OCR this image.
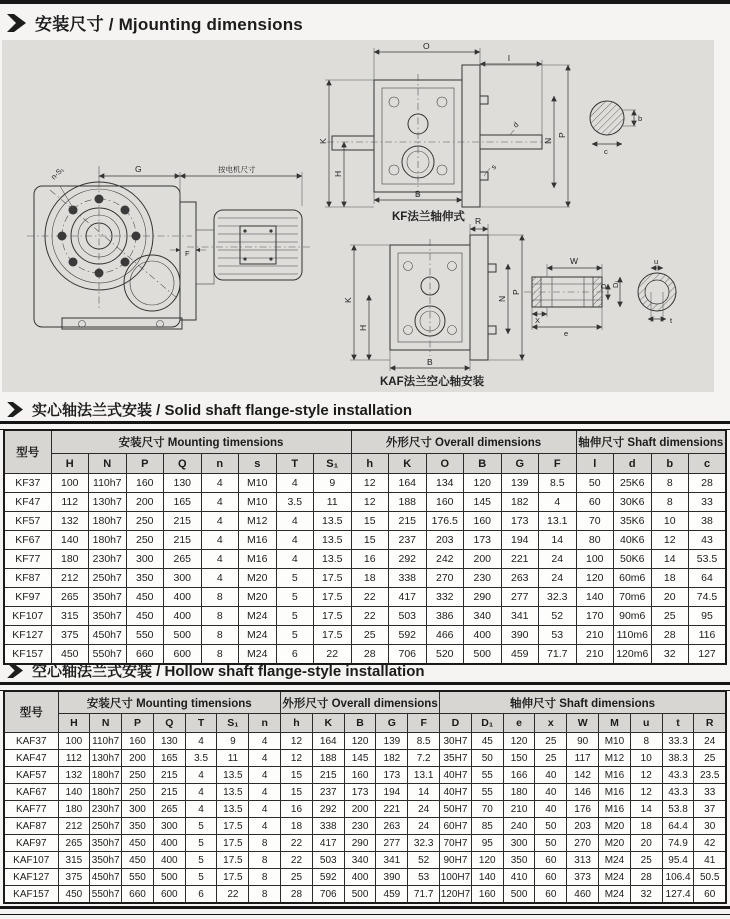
安装尺寸 / Mjounting dimensions
G	按电机尺寸
n-S₁
F
O
l
K
H
B
N
P
d
s
b
c
KF法兰轴伸式 R
K
H
N
P
B
KAF法兰空心轴安装
W
D D₁
X
e
u
t
实心轴法兰式安装 / Solid shaft flange-style installation
型号	安装尺寸 Mounting timensions								外形尺寸 Overall dimensions						轴伸尺寸 Shaft dimensions			
	H	N	P	Q	n	s	T	S₁	h	K	O	B	G	F	l	d	b	c
KF37	100	110h7	160	130	4	M10	4	9	12	164	134	120	139	8.5	50	25K6	8	28
KF47	112	130h7	200	165	4	M10	3.5	11	12	188	160	145	182	4	60	30K6	8	33
KF57	132	180h7	250	215	4	M12	4	13.5	15	215	176.5	160	173	13.1	70	35K6	10	38
KF67	140	180h7	250	215	4	M16	4	13.5	15	237	203	173	194	14	80	40K6	12	43
KF77	180	230h7	300	265	4	M16	4	13.5	16	292	242	200	221	24	100	50K6	14	53.5
KF87	212	250h7	350	300	4	M20	5	17.5	18	338	270	230	263	24	120	60m6	18	64
KF97	265	350h7	450	400	8	M20	5	17.5	22	417	332	290	277	32.3	140	70m6	20	74.5
KF107	315	350h7	450	400	8	M24	5	17.5	22	503	386	340	341	52	170	90m6	25	95
KF127	375	450h7	550	500	8	M24	5	17.5	25	592	466	400	390	53	210	110m6	28	116
KF157	450	550h7	660	600	8	M24	6	22	28	706	520	500	459	71.7	210	120m6	32	127
空心轴法兰式安装 / Hollow shaft flange-style installation
型号	安装尺寸 Mounting timensions							外形尺寸 Overall dimensions					轴伸尺寸 Shaft dimensions								
	H	N	P	Q	T	S₁	n	h	K	B	G	F	D	D₁	e	x	W	M	u	t	R
KAF37	100	110h7	160	130	4	9	4	12	164	120	139	8.5	30H7	45	120	25	90	M10	8	33.3	24
KAF47	112	130h7	200	165	3.5	11	4	12	188	145	182	7.2	35H7	50	150	25	117	M12	10	38.3	25
KAF57	132	180h7	250	215	4	13.5	4	15	215	160	173	13.1	40H7	55	166	40	142	M16	12	43.3	23.5
KAF67	140	180h7	250	215	4	13.5	4	15	237	173	194	14	40H7	55	180	40	146	M16	12	43.3	33
KAF77	180	230h7	300	265	4	13.5	4	16	292	200	221	24	50H7	70	210	40	176	M16	14	53.8	37
KAF87	212	250h7	350	300	5	17.5	4	18	338	230	263	24	60H7	85	240	50	203	M20	18	64.4	30
KAF97	265	350h7	450	400	5	17.5	8	22	417	290	277	32.3	70H7	95	300	50	270	M20	20	74.9	42
KAF107	315	350h7	450	400	5	17.5	8	22	503	340	341	52	90H7	120	350	60	313	M24	25	95.4	41
KAF127	375	450h7	550	500	5	17.5	8	25	592	400	390	53	100H7	140	410	60	373	M24	28	106.4	50.5
KAF157	450	550h7	660	600	6	22	8	28	706	500	459	71.7	120H7	160	500	60	460	M24	32	127.4	60
